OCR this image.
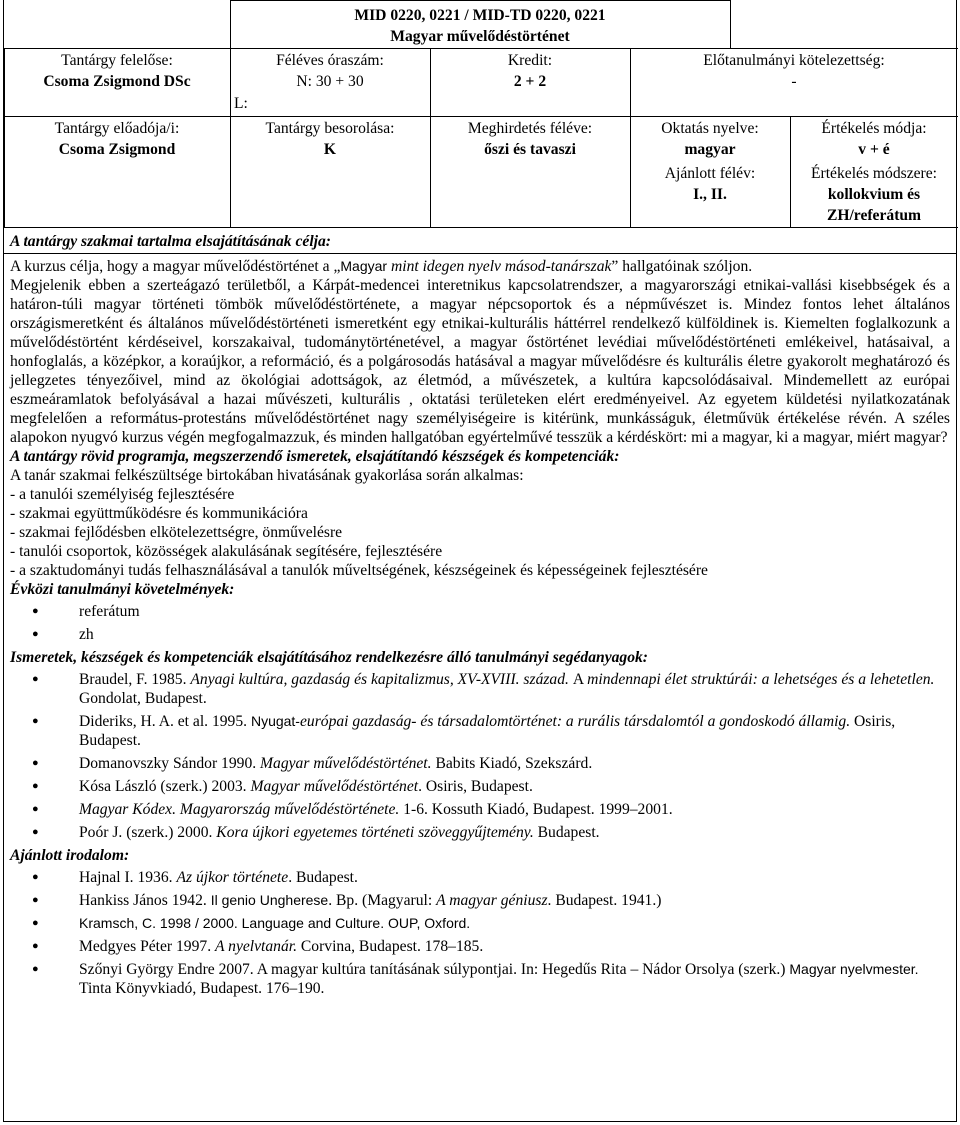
MID 0220, 0221 / MID-TD 0220, 0221
Magyar művelődéstörténet
Tantárgy felelőse:
Csoma Zsigmond DSc
Féléves óraszám:
N: 30 + 30
L:
Kredit:
2 + 2
Előtanulmányi kötelezettség:
-
Tantárgy előadója/i:
Csoma Zsigmond
Tantárgy besorolása:
K
Meghirdetés féléve:
őszi és tavaszi
Oktatás nyelve:
magyar
Ajánlott félév:
I., II.
Értékelés módja:
v + é
Értékelés módszere:
kollokvium és
ZH/referátum
A tantárgy szakmai tartalma elsajátításának célja:
A kurzus célja, hogy a magyar művelődéstörténet a „Magyar mint idegen nyelv másod-tanárszak” hallgatóinak szóljon.
Megjelenik ebben a szerteágazó területből, a Kárpát-medencei interetnikus kapcsolatrendszer, a magyarországi etnikai-vallási kisebbségek és a határon-túli magyar történeti tömbök művelődéstörténete, a magyar népcsoportok és a népművészet is. Mindez fontos lehet általános országismeretként és általános művelődéstörténeti ismeretként egy etnikai-kulturális háttérrel rendelkező külföldinek is. Kiemelten foglalkozunk a művelődéstörtént kérdéseivel, korszakaival, tudománytörténetével, a magyar őstörténet levédiai művelődéstörténeti emlékeivel, hatásaival, a honfoglalás, a középkor, a koraújkor, a reformáció, és a polgárosodás hatásával a magyar művelődésre és kulturális életre gyakorolt meghatározó és jellegzetes tényezőivel, mind az ökológiai adottságok, az életmód, a művészetek, a kultúra kapcsolódásaival. Mindemellett az európai eszmeáramlatok befolyásával a hazai művészeti, kulturális , oktatási területeken elért eredményeivel. Az egyetem küldetési nyilatkozatának megfelelően a református-protestáns művelődéstörténet nagy személyiségeire is kitérünk, munkásságuk, életművük értékelése révén. A széles alapokon nyugvó kurzus végén megfogalmazzuk, és minden hallgatóban egyértelművé tesszük a kérdéskört: mi a magyar, ki a magyar, miért magyar?
A tantárgy rövid programja, megszerzendő ismeretek, elsajátítandó készségek és kompetenciák:
A tanár szakmai felkészültsége birtokában hivatásának gyakorlása során alkalmas:
- a tanulói személyiség fejlesztésére
- szakmai együttműködésre és kommunikációra
- szakmai fejlődésben elkötelezettségre, önművelésre
- tanulói csoportok, közösségek alakulásának segítésére, fejlesztésére
- a szaktudományi tudás felhasználásával a tanulók műveltségének, készségeinek és képességeinek fejlesztésére
Évközi tanulmányi követelmények:
● referátum
● zh
Ismeretek, készségek és kompetenciák elsajátításához rendelkezésre álló tanulmányi segédanyagok:
● Braudel, F. 1985. Anyagi kultúra, gazdaság és kapitalizmus, XV-XVIII. század. A mindennapi élet struktúrái: a lehetséges és a lehetetlen. Gondolat, Budapest.
● Dideriks, H. A. et al. 1995. Nyugat-európai gazdaság- és társadalomtörténet: a rurális társdalomtól a gondoskodó államig. Osiris, Budapest.
● Domanovszky Sándor 1990. Magyar művelődéstörténet. Babits Kiadó, Szekszárd.
● Kósa László (szerk.) 2003. Magyar művelődéstörténet. Osiris, Budapest.
● Magyar Kódex. Magyarország művelődéstörténete. 1-6. Kossuth Kiadó, Budapest. 1999–2001.
● Poór J. (szerk.) 2000. Kora újkori egyetemes történeti szöveggyűjtemény. Budapest.
Ajánlott irodalom:
● Hajnal I. 1936. Az újkor története. Budapest.
● Hankiss János 1942. Il genio Ungherese. Bp. (Magyarul: A magyar géniusz. Budapest. 1941.)
● Kramsch, C. 1998 / 2000. Language and Culture. OUP, Oxford.
● Medgyes Péter 1997. A nyelvtanár. Corvina, Budapest. 178–185.
● Szőnyi György Endre 2007. A magyar kultúra tanításának súlypontjai. In: Hegedűs Rita – Nádor Orsolya (szerk.) Magyar nyelvmester. Tinta Könyvkiadó, Budapest. 176–190.
